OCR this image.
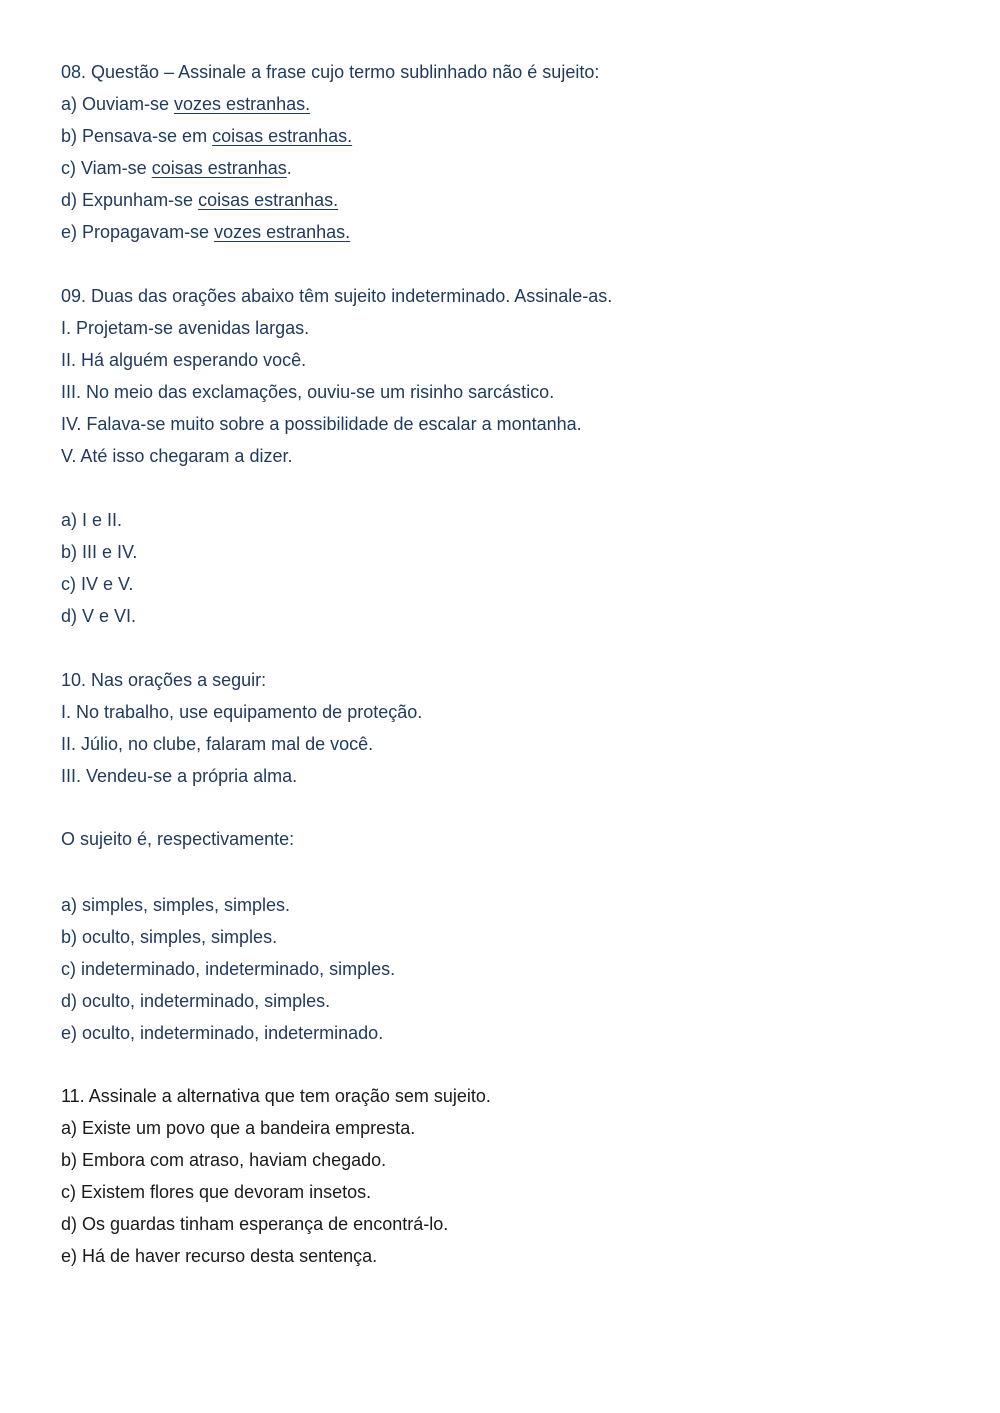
08. Questão – Assinale a frase cujo termo sublinhado não é sujeito:
a) Ouviam-se vozes estranhas.
b) Pensava-se em coisas estranhas.
c) Viam-se coisas estranhas.
d) Expunham-se coisas estranhas.
e) Propagavam-se vozes estranhas.
09. Duas das orações abaixo têm sujeito indeterminado. Assinale-as.
I. Projetam-se avenidas largas.
II. Há alguém esperando você.
III. No meio das exclamações, ouviu-se um risinho sarcástico.
IV. Falava-se muito sobre a possibilidade de escalar a montanha.
V. Até isso chegaram a dizer.
a) I e II.
b) III e IV.
c) IV e V.
d) V e VI.
10. Nas orações a seguir:
I. No trabalho, use equipamento de proteção.
II. Júlio, no clube, falaram mal de você.
III. Vendeu-se a própria alma.
O sujeito é, respectivamente:
a) simples, simples, simples.
b) oculto, simples, simples.
c) indeterminado, indeterminado, simples.
d) oculto, indeterminado, simples.
e) oculto, indeterminado, indeterminado.
11. Assinale a alternativa que tem oração sem sujeito.
a) Existe um povo que a bandeira empresta.
b) Embora com atraso, haviam chegado.
c) Existem flores que devoram insetos.
d) Os guardas tinham esperança de encontrá-lo.
e) Há de haver recurso desta sentença.
